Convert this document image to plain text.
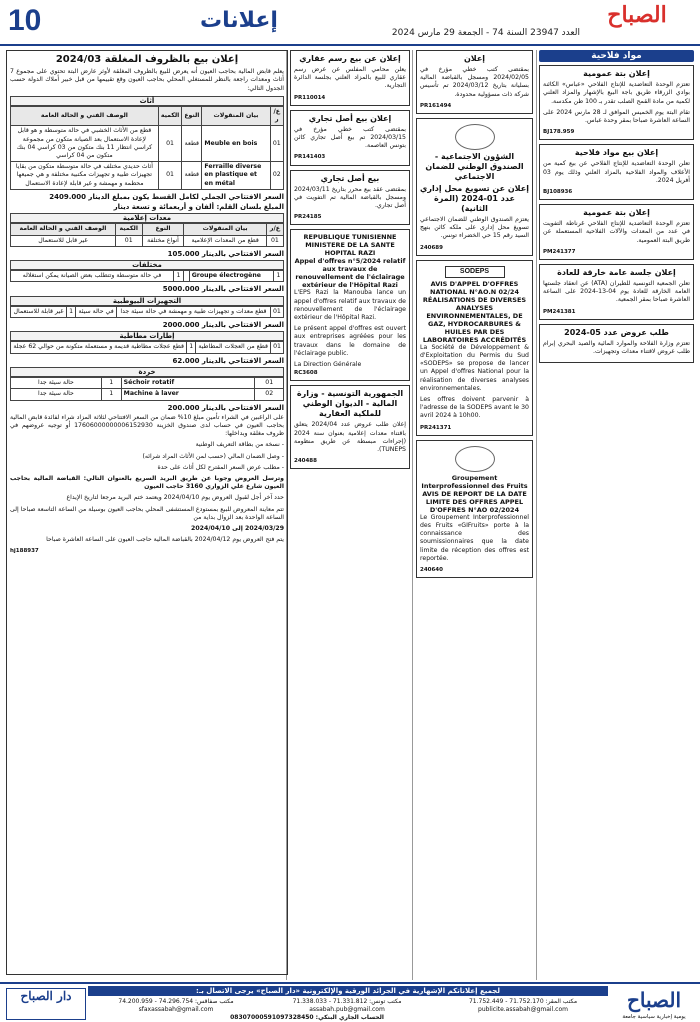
الصباح
العدد 23947 السنة 74 - الجمعة 29 مارس 2024
إعلانات
10
مواد فلاحية
إعلان بتة عمومية

تعتزم الوحدة التعاضدية للإنتاج الفلاحي «عباس» الكائنة بوادي الزرقاء طريق باجة البيع بالإشهار والمزاد العلني لكمية من مادة القمح الصلب تقدر بـ 100 طن مكدسة.

تقام البتة يوم الخميس الموافق لـ 28 مارس 2024 على الساعة العاشرة صباحا بمقر وحدة عباس.

BJ178.959

إعلان بيع مواد فلاحية

تعلن الوحدة التعاضدية للإنتاج الفلاحي عن بيع كمية من الأعلاف والمواد الفلاحية بالمزاد العلني وذلك يوم 03 أفريل 2024.

BJ108936

إعلان بتة عمومية

تعتزم الوحدة التعاضدية للإنتاج الفلاحي غرناطة التفويت في عدد من المعدات والآلات الفلاحية المستعملة عن طريق البتة العمومية.

PM241377

إعلان جلسة عامة خارقة للعادة

تعلن الجمعية التونسية للطيران (ATA) عن انعقاد جلستها العامة الخارقة للعادة يوم 04-13-2024 على الساعة العاشرة صباحا بمقر الجمعية.

PM241381

طلب عروض عدد 05-2024

تعتزم وزارة الفلاحة والموارد المائية والصيد البحري إبرام طلب عروض لاقتناء معدات وتجهيزات.

إعلان

بمقتضى كتب خطي مؤرخ في 2024/02/05 ومسجل بالقباضة المالية بسليانة بتاريخ 2024/03/12 تم تأسيس شركة ذات مسؤولية محدودة.

PR161494

الشؤون الاجتماعية - الصندوق الوطني للضمان الاجتماعي
إعلان عن تسويغ محل إداري عدد 01-2024 (المرة الثانية)

يعتزم الصندوق الوطني للضمان الاجتماعي تسويغ محل إداري على ملكه كائن بنهج السيد رقم 15 حي الخضراء تونس.

240689

SODEPS
AVIS D'APPEL D'OFFRES NATIONAL N°AO.N 02/24
RÉALISATIONS DE DIVERSES ANALYSES ENVIRONNEMENTALES, DE GAZ, HYDROCARBURES & HUILES PAR DES LABORATOIRES ACCRÉDITÉS

La Société de Développement & d'Exploitation du Permis du Sud «SODEPS» se propose de lancer un Appel d'offres National pour la réalisation de diverses analyses environnementales.

Les offres doivent parvenir à l'adresse de la SODEPS avant le 30 avril 2024 à 10h00.

PR241371

Groupement Interprofessionnel des Fruits
AVIS DE REPORT DE LA DATE LIMITE DES OFFRES APPEL D'OFFRES N°AO 02/2024

Le Groupement Interprofessionnel des Fruits «GIFruits» porte à la connaissance des soumissionnaires que la date limite de réception des offres est reportée.

240640

إعلان عن بيع رسم عقاري

يعلن محامي المفلس عن عرض رسم عقاري للبيع بالمزاد العلني بجلسة الدائرة التجارية.

PR110014

إعلان بيع أصل تجاري

بمقتضى كتب خطي مؤرخ في 2024/03/15 تم بيع أصل تجاري كائن بتونس العاصمة.

PR141403

بيع أصل تجاري

بمقتضى عقد بيع محرر بتاريخ 2024/03/11 ومسجل بالقباضة المالية تم التفويت في أصل تجاري.

PR24185

REPUBLIQUE TUNISIENNE MINISTERE DE LA SANTE HOPITAL RAZI
Appel d'offres n°5/2024 relatif aux travaux de renouvellement de l'éclairage extérieur de l'Hôpital Razi

L'EPS Razi la Manouba lance un appel d'offres relatif aux travaux de renouvellement de l'éclairage extérieur de l'Hôpital Razi.

Le présent appel d'offres est ouvert aux entreprises agréées pour les travaux dans le domaine de l'éclairage public.

La Direction Générale

RC3608

الجمهورية التونسية - وزارة المالية - الديوان الوطني للملكية العقارية

إعلان طلب عروض عدد 2024/04 يتعلق باقتناء معدات إعلامية بعنوان سنة 2024 (إجراءات مبسطة عن طريق منظومة TUNEPS).

240488

إعلان بيع بالظروف المغلقة 2024/03

يعلم قابض المالية بحاجب العيون أنه يعرض للبيع بالظروف المغلقة لأوثر عارض البتة تحتوي على مجموع 7 أثاث ومعدات راجعة بالنظر للمستغلي المحلي بحاجب العيون وقع تقييمها من قبل خبير أملاك الدولة حسب الجدول التالي:

أثاث
ع/ر	بيان المنقولات	النوع	الكمية	الوصف الفني و الحالة العامة
01	Meuble en bois	قطعة	01	قطع من الأثاث الخشبي في حالة متوسطة و هو قابل لإعادة الاستعمال بعد الصيانة متكون من مجموعة كراسي انتظار 11 بنك متكون من 03 كراسي 04 بنك متكون من 04 كراسي
02	Ferraille diverse en plastique et en métal	قطعة	01	أثاث حديدي مختلف في حالة متوسطة متكون من بقايا تجهيزات طبية و تجهيزات مكتبية مختلفة و هي جميعها محطمة و مهمشة و غير قابلة لإعادة الاستعمال
السعر الافتتاحي الجملي لكامل القسط يكون بمبلغ الدينار 2409.000
المبلغ بلسان القلم: ألفان و أربعمائة و تسعة دينار
معدات إعلامية
ع/ر	بيان المنقولات	النوع	الكمية	الوصف الفني و الحالة العامة
01	قطع من المعدات الإعلامية	أنواع مختلفة	01	غير قابل للاستعمال
السعر الافتتاحي بالدينار 105.000
مختلفات
1	Groupe électrogène		1	في حالة متوسطة وتتطلب بعض الصيانة يمكن استغلاله
السعر الافتتاحي بالدينار 5000.000
التجهيزات البيوطبية
01	قطع معدات و تجهيزات طبية و مهمشة في حالة سيئة جدا	في حالة سيئة	1	غير قابلة للاستعمال
السعر الافتتاحي بالدينار 2000.000
إطارات مطاطية
01	قطع من العجلات المطاطية	1	قطع عجلات مطاطية قديمة و مستعملة متكونة من حوالي 62 عجلة
السعر الافتتاحي بالدينار 62.000
خردة
01	Séchoir rotatif	1	حالة سيئة جدا
02	Machine à laver	1	حالة سيئة جدا
السعر الافتتاحي بالدينار 200.000

على الراغبين في الشراء تأمين مبلغ 10% ضمان من السعر الافتتاحي لثلاثة المزاد شراء لفائدة قابض المالية بحاجب العيون في حساب لدى صندوق الخزينة 17606000000006152930 أو توجيه عروضهم في ظروف مغلقة وبداخلها:

- نسخة من بطاقة التعريف الوطنية

- وصل الضمان المالي (حسب لمن الأثاث المراد شرائه)

- مطلب عرض السعر المقترح لكل أثاث على حدة

وترسل العروض وجوبا عن طريق البريد السريع بالعنوان التالي: القباضة المالية بحاجب العيون شارع علي الزواري 3160 حاجب العيون

حدد آخر أجل لقبول العروض يوم 2024/04/10 ويعتمد ختم البريد مرجعا لتاريخ الإيداع

تتم معاينة المعروض للبيع بمستودع المستشفى المحلي بحاجب العيون بوسيلة من الساعة التاسعة صباحا إلى الساعة الواحدة بعد الزوال بداية من

2024/03/29 إلى 2024/04/10

يتم فتح العروض يوم 2024/04/12 بالقباضة المالية حاجب العيون على الساعة العاشرة صباحا

hj188937

الصباح
يومية إخبارية سياسية جامعة
لجميع إعلاناتكم الإشهارية في الجرائد الورقية والإلكترونية «دار الصباح» يرجى الاتصال بـ:
مكتب المقر: 71.752.170 - 71.752.449 publicite.assabah@gmail.com
مكتب تونس: 71.331.812 - 71.338.033 assabah.pub@gmail.com
مكتب صفاقس: 74.296.754 - 74.200.959 sfaxassabah@gmail.com
الحساب الجاري البنكي: 08307000591097328450
دار الصباح
